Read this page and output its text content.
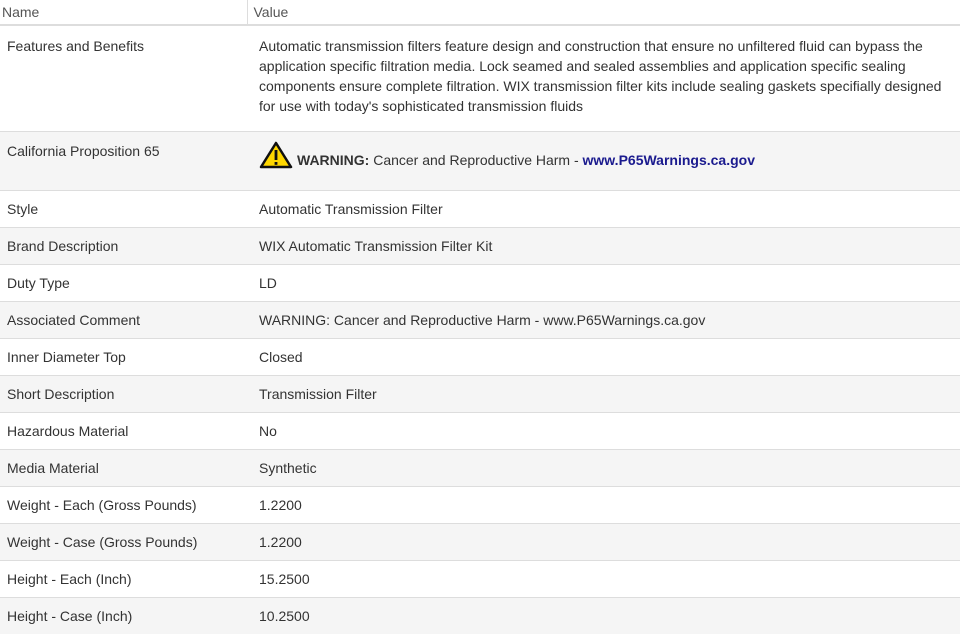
Name	Value
Features and Benefits	Automatic transmission filters feature design and construction that ensure no unfiltered fluid can bypass the application specific filtration media. Lock seamed and sealed assemblies and application specific sealing components ensure complete filtration. WIX transmission filter kits include sealing gaskets specifially designed for use with today's sophisticated transmission fluids
California Proposition 65	WARNING: Cancer and Reproductive Harm - www.P65Warnings.ca.gov
Style	Automatic Transmission Filter
Brand Description	WIX Automatic Transmission Filter Kit
Duty Type	LD
Associated Comment	WARNING: Cancer and Reproductive Harm - www.P65Warnings.ca.gov
Inner Diameter Top	Closed
Short Description	Transmission Filter
Hazardous Material	No
Media Material	Synthetic
Weight - Each (Gross Pounds)	1.2200
Weight - Case (Gross Pounds)	1.2200
Height - Each (Inch)	15.2500
Height - Case (Inch)	10.2500
